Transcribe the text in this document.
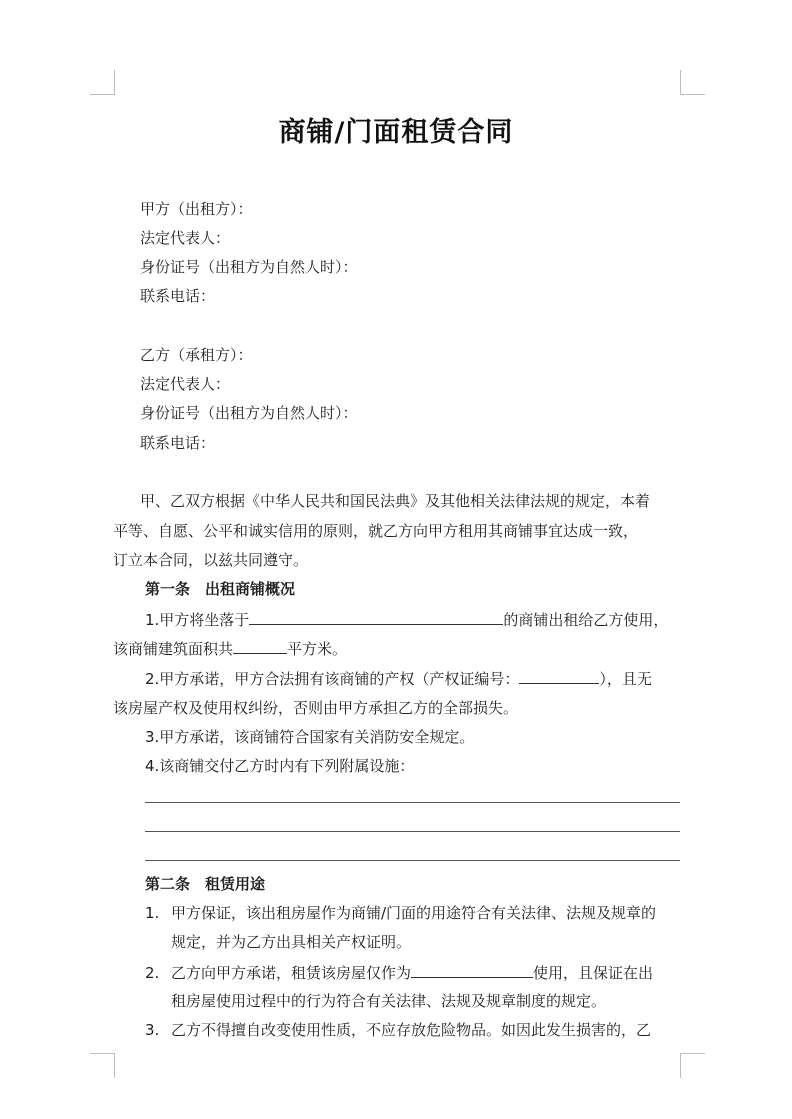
商铺/门面租赁合同
甲方（出租方）：
法定代表人：
身份证号（出租方为自然人时）：
联系电话：
乙方（承租方）：
法定代表人：
身份证号（出租方为自然人时）：
联系电话：
甲、乙双方根据《中华人民共和国民法典》及其他相关法律法规的规定，本着
平等、自愿、公平和诚实信用的原则，就乙方向甲方租用其商铺事宜达成一致，
订立本合同，以兹共同遵守。
第一条　出租商铺概况
1.甲方将坐落于	的商铺出租给乙方使用，
该商铺建筑面积共	平方米。
2.甲方承诺，甲方合法拥有该商铺的产权（产权证编号：	），且无
该房屋产权及使用权纠纷，否则由甲方承担乙方的全部损失。
3.甲方承诺，该商铺符合国家有关消防安全规定。
4.该商铺交付乙方时内有下列附属设施：
第二条　租赁用途
1. 甲方保证，该出租房屋作为商铺/门面的用途符合有关法律、法规及规章的
规定，并为乙方出具相关产权证明。
2. 乙方向甲方承诺，租赁该房屋仅作为	使用，且保证在出
租房屋使用过程中的行为符合有关法律、法规及规章制度的规定。
3. 乙方不得擅自改变使用性质，不应存放危险物品。如因此发生损害的，乙
